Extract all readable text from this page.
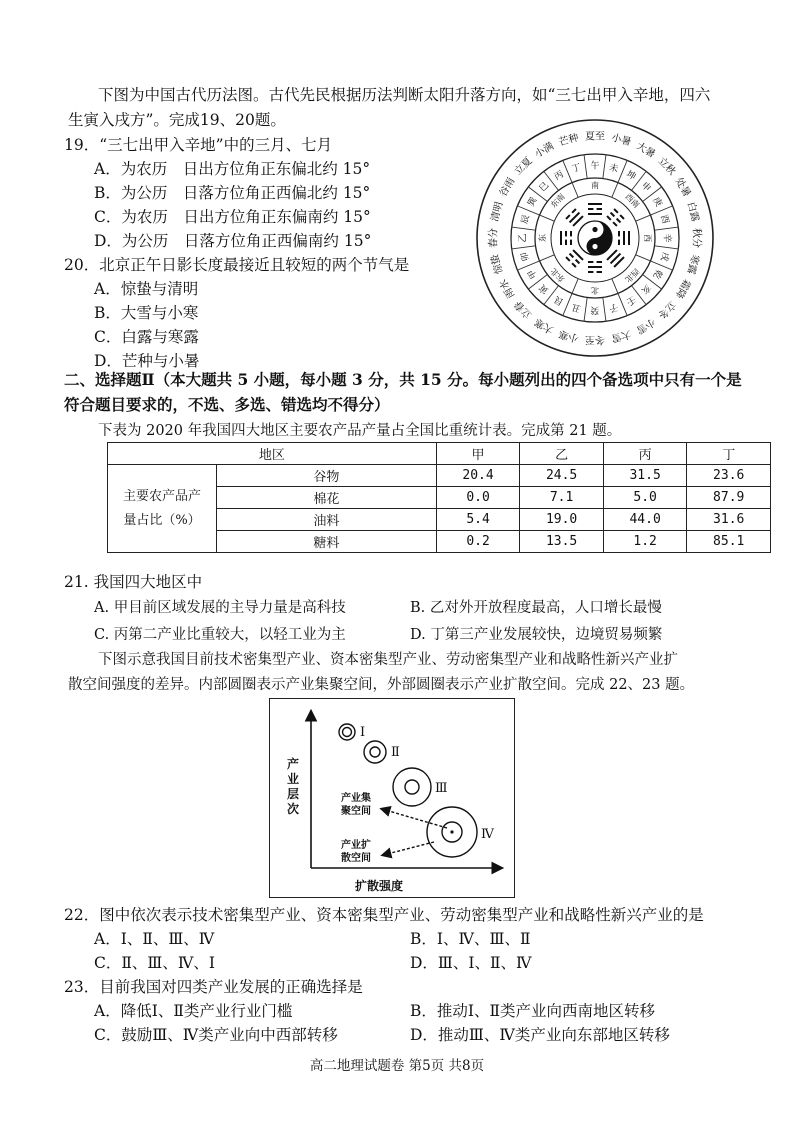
下图为中国古代历法图。古代先民根据历法判断太阳升落方向，如“三七出甲入辛地，四六
生寅入戌方”。完成19、20题。
19．“三七出甲入辛地”中的三月、七月
A．为农历　日出方位角正东偏北约 15°
B．为公历　日落方位角正西偏北约 15°
C．为农历　日出方位角正东偏南约 15°
D．为公历　日落方位角正西偏南约 15°
20．北京正午日影长度最接近且较短的两个节气是
A．惊蛰与清明
B．大雪与小寒
C．白露与寒露
D．芒种与小暑
夏至 小暑
大暑
立秋
处暑
白露
秋分
寒露
霜降
立冬
小雪
大雪
冬至
小寒
大寒
立春
雨水
惊蛰
春分
清明
谷雨
立夏
小满
芒种
午 未
坤
申
庚
酉
辛
戌
乾
亥
壬
子
癸
丑
艮
寅
甲
卯
乙
辰
巽
巳
丙
丁
南
西南
西
西北
北
东北
东
东南
二、选择题Ⅱ（本大题共 5 小题，每小题 3 分，共 15 分。每小题列出的四个备选项中只有一个是
符合题目要求的，不选、多选、错选均不得分）
下表为 2020 年我国四大地区主要农产品产量占全国比重统计表。完成第 21 题。
地区		甲	乙	丙	丁
主要农产品产
量占比（%）	谷物	20.4	24.5	31.5	23.6
	棉花	0.0	7.1	5.0	87.9
	油料	5.4	19.0	44.0	31.6
	糖料	0.2	13.5	1.2	85.1
21. 我国四大地区中
A. 甲目前区域发展的主导力量是高科技	B. 乙对外开放程度最高，人口增长最慢
C. 丙第二产业比重较大，以轻工业为主	D. 丁第三产业发展较快，边境贸易频繁
下图示意我国目前技术密集型产业、资本密集型产业、劳动密集型产业和战略性新兴产业扩
散空间强度的差异。内部圆圈表示产业集聚空间，外部圆圈表示产业扩散空间。完成 22、23 题。
产
业
层
次
扩散强度
Ⅰ
Ⅱ
Ⅲ
Ⅳ
产业集
聚空间
产业扩
散空间
22．图中依次表示技术密集型产业、资本密集型产业、劳动密集型产业和战略性新兴产业的是
A．Ⅰ、Ⅱ、Ⅲ、Ⅳ	B．Ⅰ、Ⅳ、Ⅲ、Ⅱ
C．Ⅱ、Ⅲ、Ⅳ、Ⅰ	D．Ⅲ、Ⅰ、Ⅱ、Ⅳ
23．目前我国对四类产业发展的正确选择是
A．降低Ⅰ、Ⅱ类产业行业门槛	B．推动Ⅰ、Ⅱ类产业向西南地区转移
C．鼓励Ⅲ、Ⅳ类产业向中西部转移	D．推动Ⅲ、Ⅳ类产业向东部地区转移
高二地理试题卷 第5页 共8页
